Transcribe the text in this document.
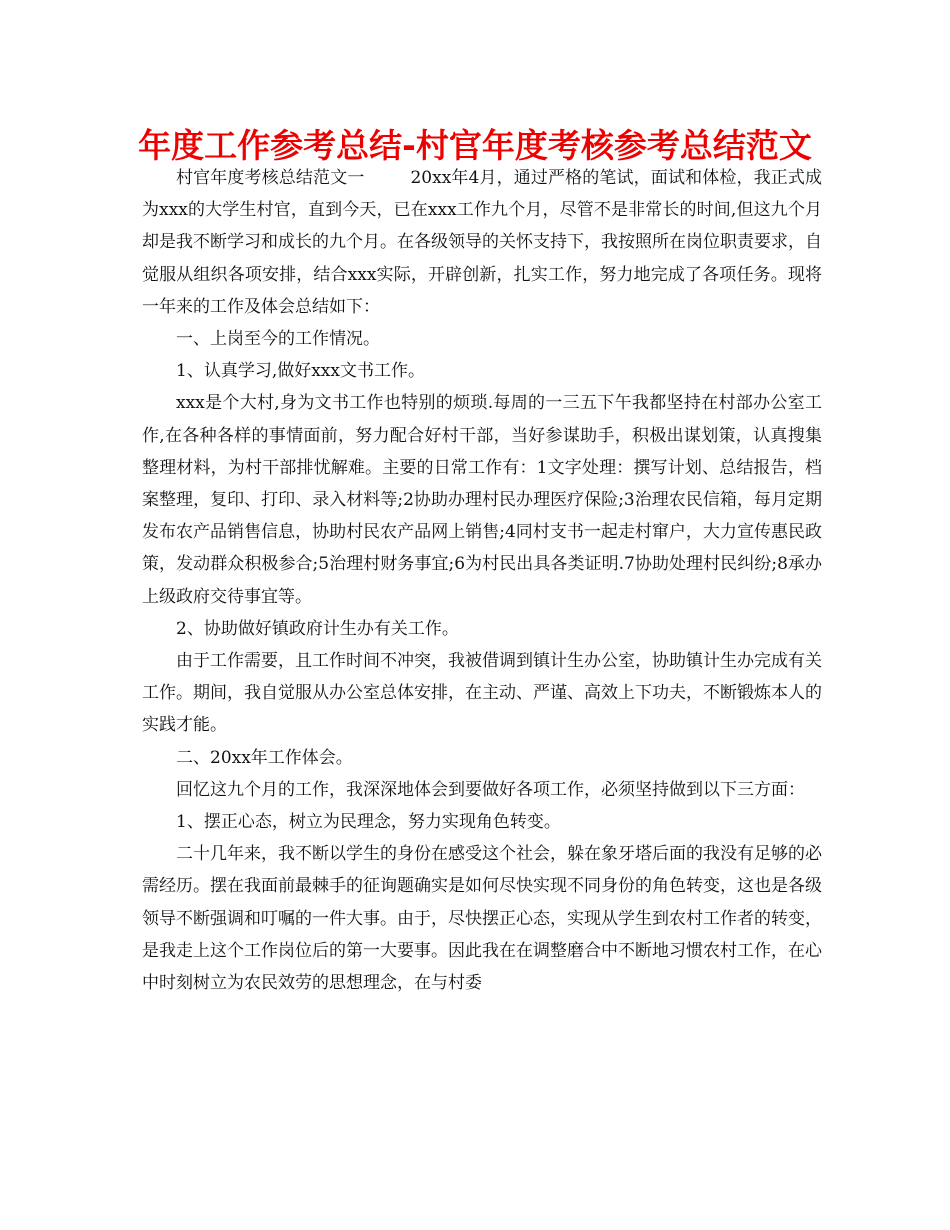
年度工作参考总结-村官年度考核参考总结范文

村官年度考核总结范文一	20xx年4月，通过严格的笔试，面试和体检，我正式成为xxx的大学生村官，直到今天，已在xxx工作九个月，尽管不是非常长的时间,但这九个月却是我不断学习和成长的九个月。在各级领导的关怀支持下，我按照所在岗位职责要求，自觉服从组织各项安排，结合xxx实际，开辟创新，扎实工作，努力地完成了各项任务。现将一年来的工作及体会总结如下：

一、上岗至今的工作情况。

1、认真学习,做好xxx文书工作。

xxx是个大村,身为文书工作也特别的烦琐.每周的一三五下午我都坚持在村部办公室工作,在各种各样的事情面前，努力配合好村干部，当好参谋助手，积极出谋划策，认真搜集整理材料，为村干部排忧解难。主要的日常工作有：1文字处理：撰写计划、总结报告，档案整理，复印、打印、录入材料等;2协助办理村民办理医疗保险;3治理农民信箱，每月定期发布农产品销售信息，协助村民农产品网上销售;4同村支书一起走村窜户，大力宣传惠民政策，发动群众积极参合;5治理村财务事宜;6为村民出具各类证明.7协助处理村民纠纷;8承办上级政府交待事宜等。

2、协助做好镇政府计生办有关工作。

由于工作需要，且工作时间不冲突，我被借调到镇计生办公室，协助镇计生办完成有关工作。期间，我自觉服从办公室总体安排，在主动、严谨、高效上下功夫，不断锻炼本人的实践才能。

二、20xx年工作体会。

回忆这九个月的工作，我深深地体会到要做好各项工作，必须坚持做到以下三方面：

1、摆正心态，树立为民理念，努力实现角色转变。

二十几年来，我不断以学生的身份在感受这个社会，躲在象牙塔后面的我没有足够的必需经历。摆在我面前最棘手的征询题确实是如何尽快实现不同身份的角色转变，这也是各级领导不断强调和叮嘱的一件大事。由于，尽快摆正心态，实现从学生到农村工作者的转变，是我走上这个工作岗位后的第一大要事。因此我在在调整磨合中不断地习惯农村工作，在心中时刻树立为农民效劳的思想理念，在与村委
